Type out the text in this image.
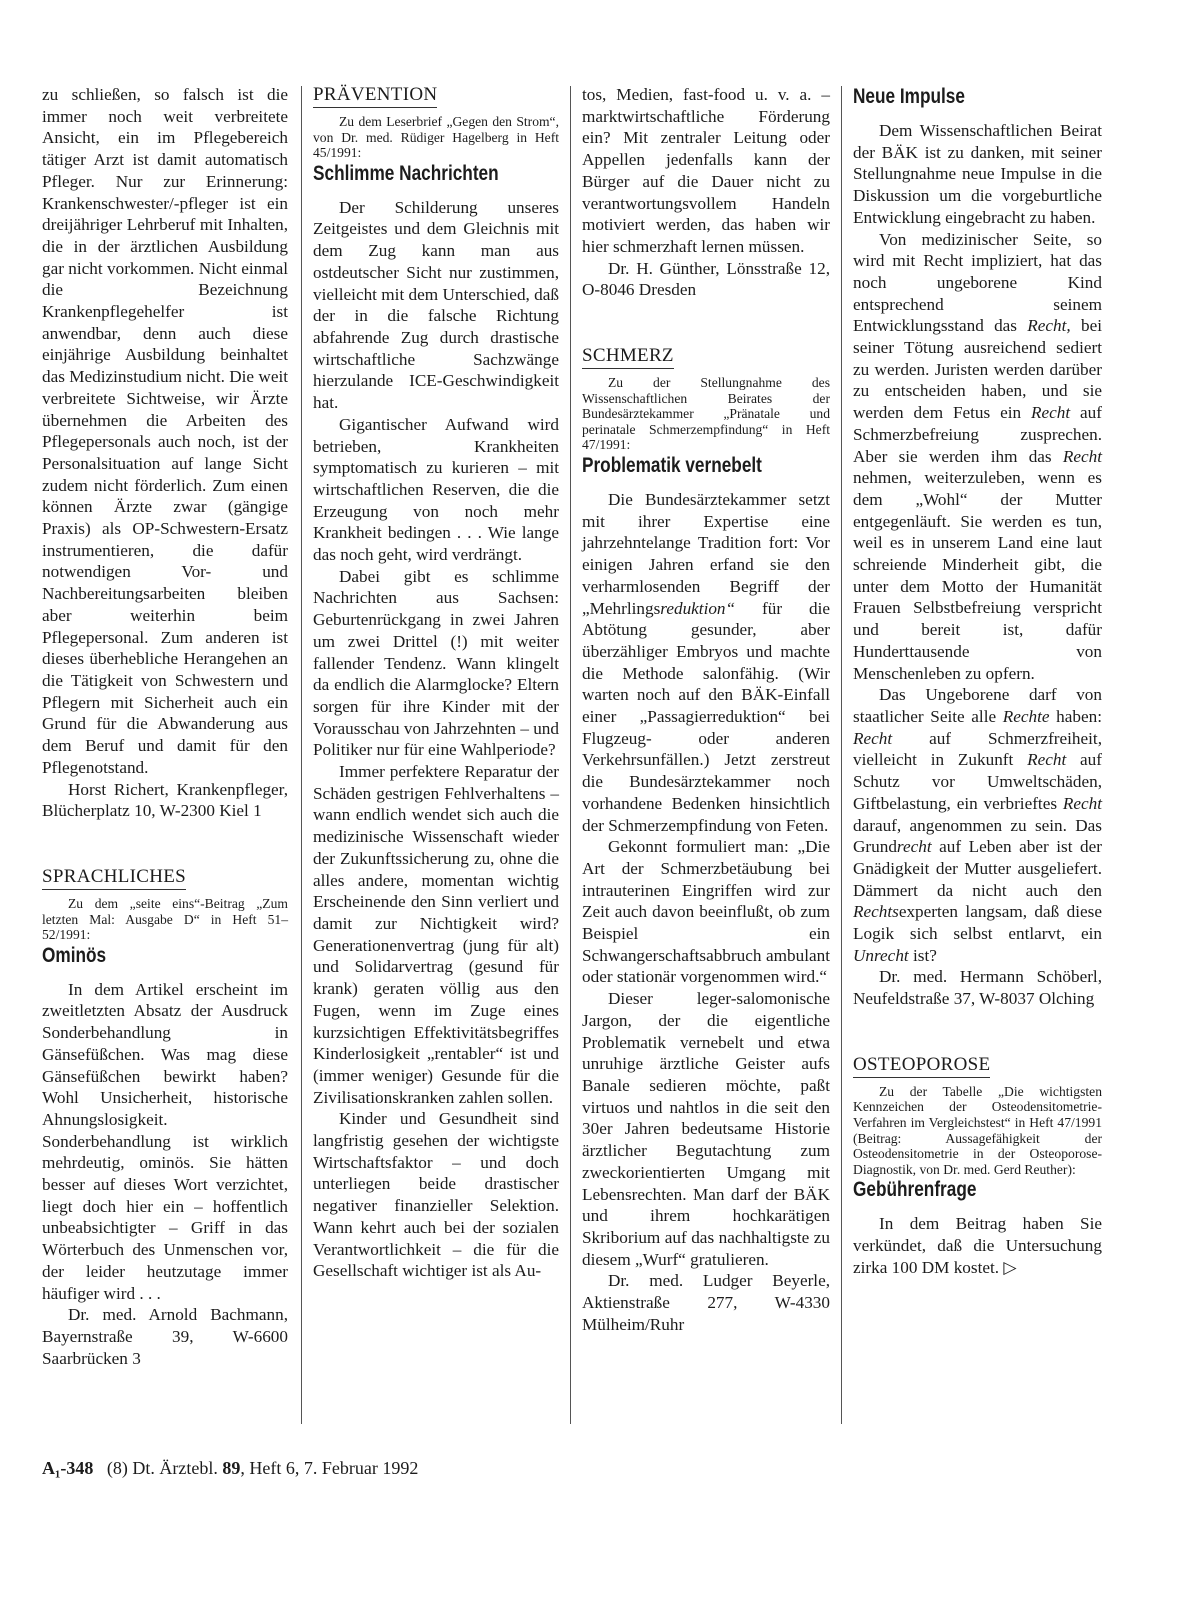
zu schließen, so falsch ist die immer noch weit verbreitete Ansicht, ein im Pflegebereich tätiger Arzt ist damit automatisch Pfleger. Nur zur Erinnerung: Krankenschwester/-pfleger ist ein dreijähriger Lehrberuf mit Inhalten, die in der ärztlichen Ausbildung gar nicht vorkommen. Nicht einmal die Bezeichnung Krankenpflegehelfer ist anwendbar, denn auch diese einjährige Ausbildung beinhaltet das Medizinstudium nicht. Die weit verbreitete Sichtweise, wir Ärzte übernehmen die Arbeiten des Pflegepersonals auch noch, ist der Personalsituation auf lange Sicht zudem nicht förderlich. Zum einen können Ärzte zwar (gängige Praxis) als OP-Schwestern-Ersatz instrumentieren, die dafür notwendigen Vor- und Nachbereitungsarbeiten bleiben aber weiterhin beim Pflegepersonal. Zum anderen ist dieses überhebliche Herangehen an die Tätigkeit von Schwestern und Pflegern mit Sicherheit auch ein Grund für die Abwanderung aus dem Beruf und damit für den Pflegenotstand.

Horst Richert, Krankenpfleger, Blücherplatz 10, W-2300 Kiel 1

SPRACHLICHES

Zu dem „seite eins“-Beitrag „Zum letzten Mal: Ausgabe D“ in Heft 51–52/1991:

Ominös

In dem Artikel erscheint im zweitletzten Absatz der Ausdruck Sonderbehandlung in Gänsefüßchen. Was mag diese Gänsefüßchen bewirkt haben? Wohl Unsicherheit, historische Ahnungslosigkeit. Sonderbehandlung ist wirklich mehrdeutig, ominös. Sie hätten besser auf dieses Wort verzichtet, liegt doch hier ein – hoffentlich unbeabsichtigter – Griff in das Wörterbuch des Unmenschen vor, der leider heutzutage immer häufiger wird . . .

Dr. med. Arnold Bachmann, Bayernstraße 39, W-6600 Saarbrücken 3

PRÄVENTION

Zu dem Leserbrief „Gegen den Strom“, von Dr. med. Rüdiger Hagelberg in Heft 45/1991:

Schlimme Nachrichten

Der Schilderung unseres Zeitgeistes und dem Gleichnis mit dem Zug kann man aus ostdeutscher Sicht nur zustimmen, vielleicht mit dem Unterschied, daß der in die falsche Richtung abfahrende Zug durch drastische wirtschaftliche Sachzwänge hierzulande ICE-Geschwindigkeit hat.

Gigantischer Aufwand wird betrieben, Krankheiten symptomatisch zu kurieren – mit wirtschaftlichen Reserven, die die Erzeugung von noch mehr Krankheit bedingen . . . Wie lange das noch geht, wird verdrängt.

Dabei gibt es schlimme Nachrichten aus Sachsen: Geburtenrückgang in zwei Jahren um zwei Drittel (!) mit weiter fallender Tendenz. Wann klingelt da endlich die Alarmglocke? Eltern sorgen für ihre Kinder mit der Vorausschau von Jahrzehnten – und Politiker nur für eine Wahlperiode?

Immer perfektere Reparatur der Schäden gestrigen Fehlverhaltens – wann endlich wendet sich auch die medizinische Wissenschaft wieder der Zukunftssicherung zu, ohne die alles andere, momentan wichtig Erscheinende den Sinn verliert und damit zur Nichtigkeit wird? Generationenvertrag (jung für alt) und Solidarvertrag (gesund für krank) geraten völlig aus den Fugen, wenn im Zuge eines kurzsichtigen Effektivitätsbegriffes Kinderlosigkeit „rentabler“ ist und (immer weniger) Gesunde für die Zivilisationskranken zahlen sollen.

Kinder und Gesundheit sind langfristig gesehen der wichtigste Wirtschaftsfaktor – und doch unterliegen beide drastischer negativer finanzieller Selektion. Wann kehrt auch bei der sozialen Verantwortlichkeit – die für die Gesellschaft wichtiger ist als Au-

tos, Medien, fast-food u. v. a. – marktwirtschaftliche Förderung ein? Mit zentraler Leitung oder Appellen jedenfalls kann der Bürger auf die Dauer nicht zu verantwortungsvollem Handeln motiviert werden, das haben wir hier schmerzhaft lernen müssen.

Dr. H. Günther, Lönsstraße 12, O-8046 Dresden

SCHMERZ

Zu der Stellungnahme des Wissenschaftlichen Beirates der Bundesärztekammer „Pränatale und perinatale Schmerzempfindung“ in Heft 47/1991:

Problematik vernebelt

Die Bundesärztekammer setzt mit ihrer Expertise eine jahrzehntelange Tradition fort: Vor einigen Jahren erfand sie den verharmlosenden Begriff der „Mehrlingsreduktion“ für die Abtötung gesunder, aber überzähliger Embryos und machte die Methode salonfähig. (Wir warten noch auf den BÄK-Einfall einer „Passagierreduktion“ bei Flugzeug- oder anderen Verkehrsunfällen.) Jetzt zerstreut die Bundesärztekammer noch vorhandene Bedenken hinsichtlich der Schmerzempfindung von Feten.

Gekonnt formuliert man: „Die Art der Schmerzbetäubung bei intrauterinen Eingriffen wird zur Zeit auch davon beeinflußt, ob zum Beispiel ein Schwangerschaftsabbruch ambulant oder stationär vorgenommen wird.“

Dieser leger-salomonische Jargon, der die eigentliche Problematik vernebelt und etwa unruhige ärztliche Geister aufs Banale sedieren möchte, paßt virtuos und nahtlos in die seit den 30er Jahren bedeutsame Historie ärztlicher Begutachtung zum zweckorientierten Umgang mit Lebensrechten. Man darf der BÄK und ihrem hochkarätigen Skriborium auf das nachhaltigste zu diesem „Wurf“ gratulieren.

Dr. med. Ludger Beyerle, Aktienstraße 277, W-4330 Mülheim/Ruhr

Neue Impulse

Dem Wissenschaftlichen Beirat der BÄK ist zu danken, mit seiner Stellungnahme neue Impulse in die Diskussion um die vorgeburtliche Entwicklung eingebracht zu haben.

Von medizinischer Seite, so wird mit Recht impliziert, hat das noch ungeborene Kind entsprechend seinem Entwicklungsstand das Recht, bei seiner Tötung ausreichend sediert zu werden. Juristen werden darüber zu entscheiden haben, und sie werden dem Fetus ein Recht auf Schmerzbefreiung zusprechen. Aber sie werden ihm das Recht nehmen, weiterzuleben, wenn es dem „Wohl“ der Mutter entgegenläuft. Sie werden es tun, weil es in unserem Land eine laut schreiende Minderheit gibt, die unter dem Motto der Humanität Frauen Selbstbefreiung verspricht und bereit ist, dafür Hunderttausende von Menschenleben zu opfern.

Das Ungeborene darf von staatlicher Seite alle Rechte haben: Recht auf Schmerzfreiheit, vielleicht in Zukunft Recht auf Schutz vor Umweltschäden, Giftbelastung, ein verbrieftes Recht darauf, angenommen zu sein. Das Grundrecht auf Leben aber ist der Gnädigkeit der Mutter ausgeliefert. Dämmert da nicht auch den Rechtsexperten langsam, daß diese Logik sich selbst entlarvt, ein Unrecht ist?

Dr. med. Hermann Schöberl, Neufeldstraße 37, W-8037 Olching

OSTEOPOROSE

Zu der Tabelle „Die wichtigsten Kennzeichen der Osteodensitometrie-Verfahren im Vergleichstest“ in Heft 47/1991 (Beitrag: Aussagefähigkeit der Osteodensitometrie in der Osteoporose-Diagnostik, von Dr. med. Gerd Reuther):

Gebührenfrage

In dem Beitrag haben Sie verkündet, daß die Untersuchung zirka 100 DM kostet. ▷

A₁-348 (8) Dt. Ärztebl. 89, Heft 6, 7. Februar 1992
